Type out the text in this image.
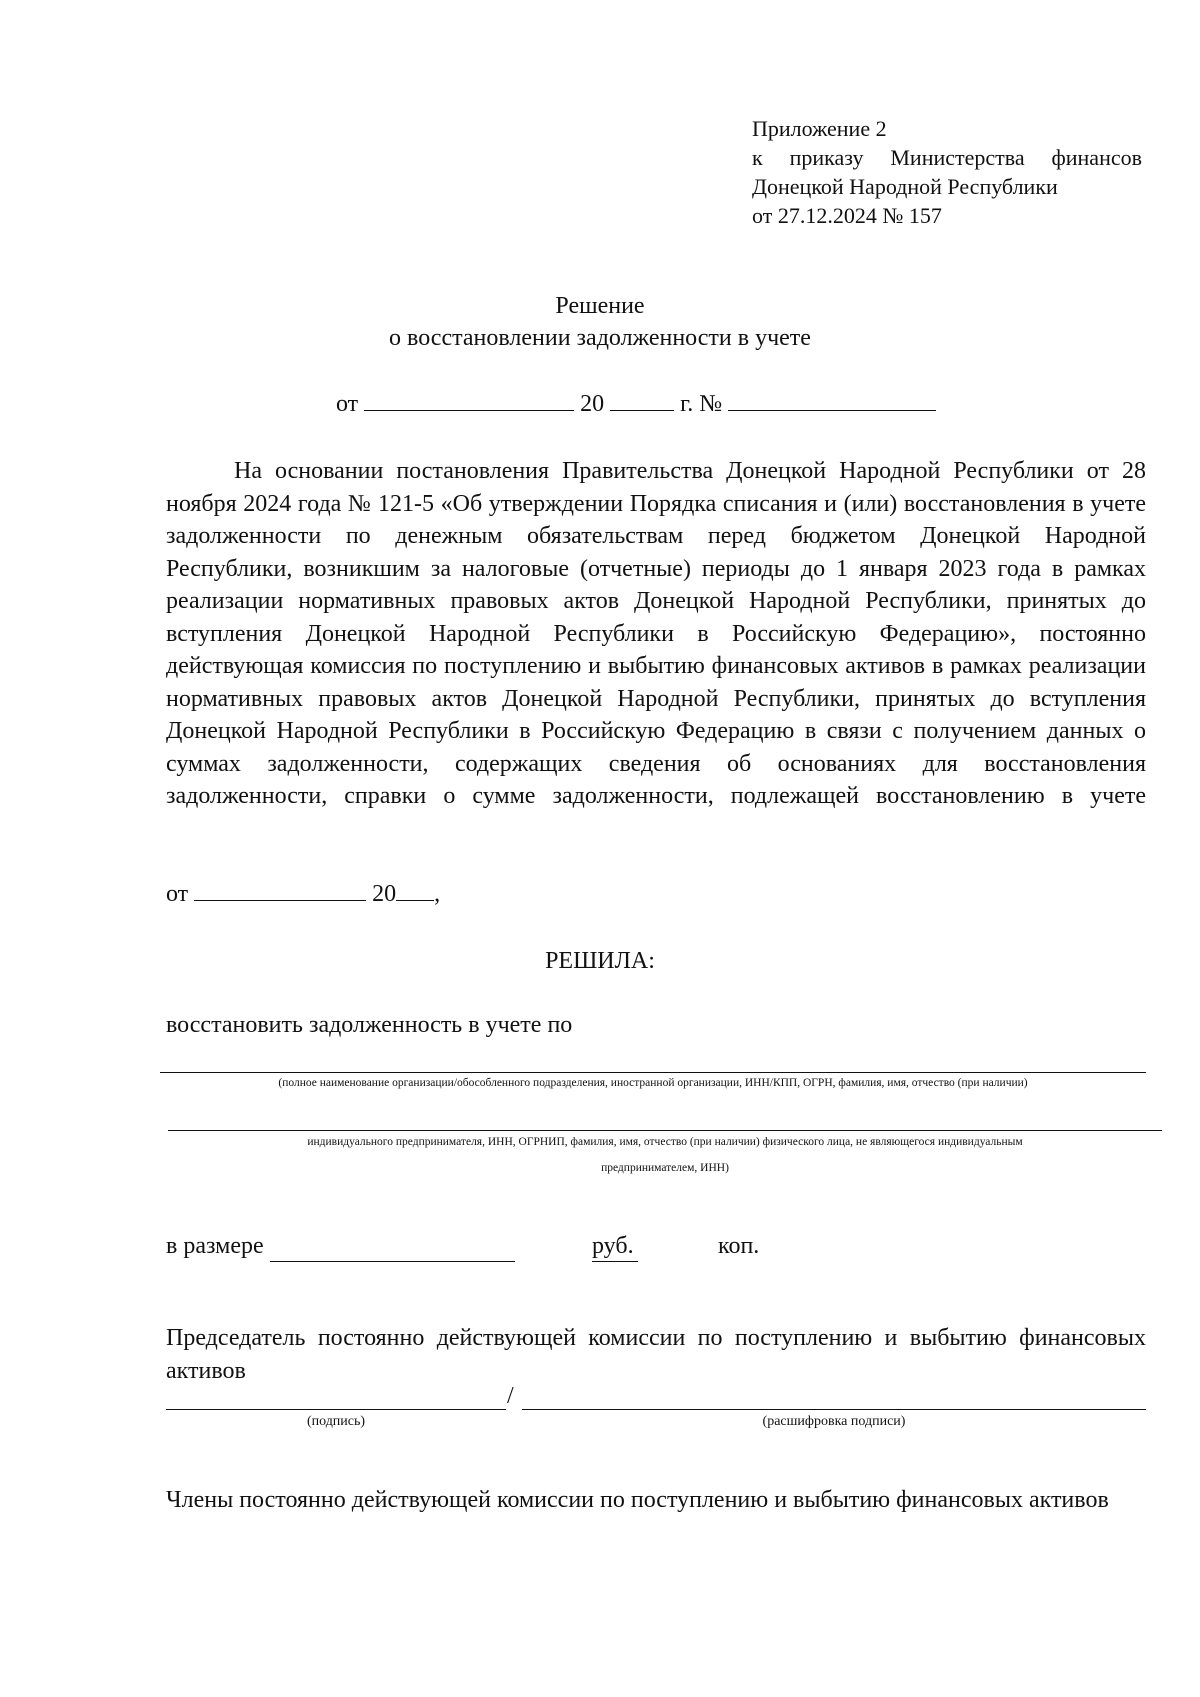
Приложение 2
к приказу Министерства финансов
Донецкой Народной Республики
от 27.12.2024 № 157
Решение
о восстановлении задолженности в учете
от	20	г. №
На основании постановления Правительства Донецкой Народной Республики от 28 ноября 2024 года № 121-5 «Об утверждении Порядка списания и (или) восстановления в учете задолженности по денежным обязательствам перед бюджетом Донецкой Народной Республики, возникшим за налоговые (отчетные) периоды до 1 января 2023 года в рамках реализации нормативных правовых актов Донецкой Народной Республики, принятых до вступления Донецкой Народной Республики в Российскую Федерацию», постоянно действующая комиссия по поступлению и выбытию финансовых активов в рамках реализации нормативных правовых актов Донецкой Народной Республики, принятых до вступления Донецкой Народной Республики в Российскую Федерацию в связи с получением данных о суммах задолженности, содержащих сведения об основаниях для восстановления задолженности, справки о сумме задолженности, подлежащей восстановлению в учете
от	20 ,
РЕШИЛА:
восстановить задолженность в учете по
(полное наименование организации/обособленного подразделения, иностранной организации, ИНН/КПП, ОГРН, фамилия, имя, отчество (при наличии)
индивидуального предпринимателя, ИНН, ОГРНИП, фамилия, имя, отчество (при наличии) физического лица, не являющегося индивидуальным
предпринимателем, ИНН)
в размере	руб.	коп.
Председатель постоянно действующей комиссии по поступлению и выбытию финансовых активов
/
(подпись)	(расшифровка подписи)
Члены постоянно действующей комиссии по поступлению и выбытию финансовых активов
